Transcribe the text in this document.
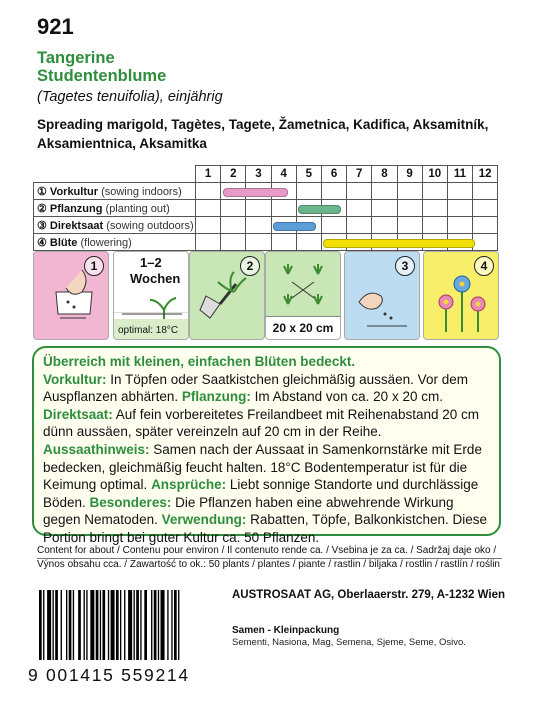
921
Tangerine
Studentenblume
(Tagetes tenuifolia), einjährig
Spreading marigold, Tagètes, Tagete, Žametnica, Kadifica, Aksamitník, Aksamientnica, Aksamitka
	1	2	3	4	5	6	7	8	9	10	11	12
① Vorkultur (sowing indoors)												
② Pflanzung (planting out)												
③ Direktsaat (sowing outdoors)												
④ Blüte (flowering)												
1	1–2
Wochen
optimal: 18°C
2
20 x 20 cm
3	4
Überreich mit kleinen, einfachen Blüten bedeckt.
Vorkultur: In Töpfen oder Saatkistchen gleichmäßig aussäen. Vor dem Auspflanzen abhärten. Pflanzung: Im Abstand von ca. 20 x 20 cm.
Direktsaat: Auf fein vorbereitetes Freilandbeet mit Reihenabstand 20 cm dünn aussäen, später vereinzeln auf 20 cm in der Reihe. Aussaathinweis: Samen nach der Aussaat in Samenkornstärke mit Erde bedecken, gleichmäßig feucht halten. 18°C Bodentemperatur ist für die Keimung optimal. Ansprüche: Liebt sonnige Standorte und durchlässige Böden. Besonderes: Die Pflanzen haben eine abwehrende Wirkung gegen Nematoden. Verwendung: Rabatten, Töpfe, Balkonkistchen. Diese Portion bringt bei guter Kultur ca. 50 Pflanzen.
Content for about / Contenu pour environ / Il contenuto rende ca. / Vsebina je za ca. / Sadržaj daje oko /
Výnos obsahu cca. / Zawartość to ok.: 50 plants / plantes / piante / rastlin / biljaka / rostlin / rastlín / roślin
9 001415 559214
AUSTROSAAT AG, Oberlaaerstr. 279, A-1232 Wien
Samen - Kleinpackung
Sementi, Nasiona, Mag, Semena, Sjeme, Seme, Osivo.
